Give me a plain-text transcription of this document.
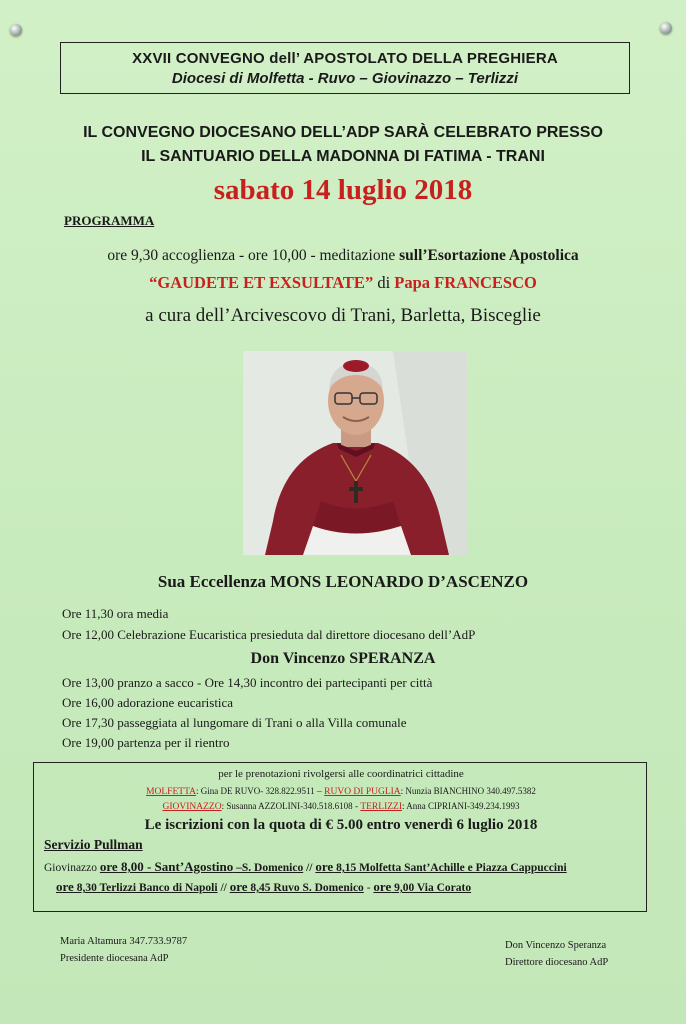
XXVII CONVEGNO dell’ APOSTOLATO DELLA PREGHIERA
Diocesi di Molfetta - Ruvo – Giovinazzo – Terlizzi
IL CONVEGNO DIOCESANO DELL’ADP SARÀ CELEBRATO PRESSO
IL SANTUARIO DELLA MADONNA DI FATIMA - TRANI
sabato 14 luglio 2018
PROGRAMMA
ore 9,30 accoglienza - ore 10,00 - meditazione sull’Esortazione Apostolica
“GAUDETE ET EXSULTATE” di Papa FRANCESCO
a cura dell’Arcivescovo di Trani, Barletta, Bisceglie
Sua Eccellenza MONS LEONARDO D’ASCENZO
Ore 11,30 ora media
Ore 12,00 Celebrazione Eucaristica presieduta dal direttore diocesano dell’AdP
Don Vincenzo SPERANZA
Ore 13,00 pranzo a sacco - Ore 14,30 incontro dei partecipanti per città
Ore 16,00 adorazione eucaristica
Ore 17,30 passeggiata al lungomare di Trani o alla Villa comunale
Ore 19,00 partenza per il rientro
per le prenotazioni rivolgersi alle coordinatrici cittadine
MOLFETTA: Gina DE RUVO- 328.822.9511 – RUVO DI PUGLIA: Nunzia BIANCHINO 340.497.5382
GIOVINAZZO: Susanna AZZOLINI-340.518.6108 - TERLIZZI: Anna CIPRIANI-349.234.1993
Le iscrizioni con la quota di € 5.00 entro venerdì 6 luglio 2018
Servizio Pullman
Giovinazzo ore 8,00 - Sant’Agostino –S. Domenico // ore 8,15 Molfetta Sant’Achille e Piazza Cappuccini
ore 8,30 Terlizzi Banco di Napoli // ore 8,45 Ruvo S. Domenico - ore 9,00 Via Corato
Maria Altamura 347.733.9787
Presidente diocesana AdP
Don Vincenzo Speranza
Direttore diocesano AdP
